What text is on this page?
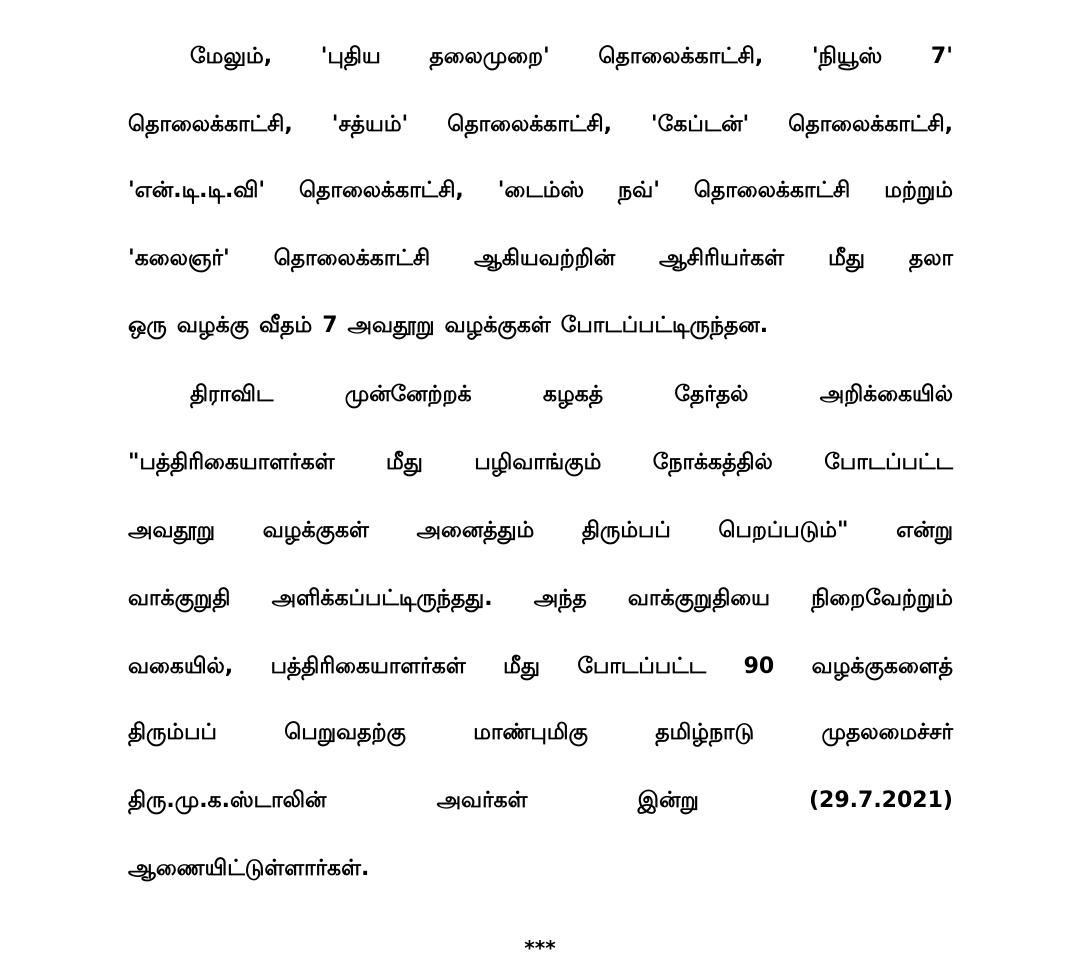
மேலும், 'புதிய தலைமுறை' தொலைக்காட்சி, 'நியூஸ் 7'
தொலைக்காட்சி, 'சத்யம்' தொலைக்காட்சி, 'கேப்டன்' தொலைக்காட்சி,
'என்.டி.டி.வி' தொலைக்காட்சி, 'டைம்ஸ் நவ்' தொலைக்காட்சி மற்றும்
'கலைஞர்' தொலைக்காட்சி ஆகியவற்றின் ஆசிரியர்கள் மீது தலா
ஒரு வழக்கு வீதம் 7 அவதூறு வழக்குகள் போடப்பட்டிருந்தன.
திராவிட	முன்னேற்றக்	கழகத்	தேர்தல்	அறிக்கையில்
"பத்திரிகையாளர்கள் மீது பழிவாங்கும் நோக்கத்தில் போடப்பட்ட
அவதூறு வழக்குகள் அனைத்தும் திரும்பப் பெறப்படும்" என்று
வாக்குறுதி அளிக்கப்பட்டிருந்தது. அந்த வாக்குறுதியை நிறைவேற்றும்
வகையில், பத்திரிகையாளர்கள் மீது போடப்பட்ட 90 வழக்குகளைத்
திரும்பப்	பெறுவதற்கு	மாண்புமிகு	தமிழ்நாடு	முதலமைச்சர்
திரு.மு.க.ஸ்டாலின்	அவர்கள்	இன்று	(29.7.2021)
ஆணையிட்டுள்ளார்கள்.
***
